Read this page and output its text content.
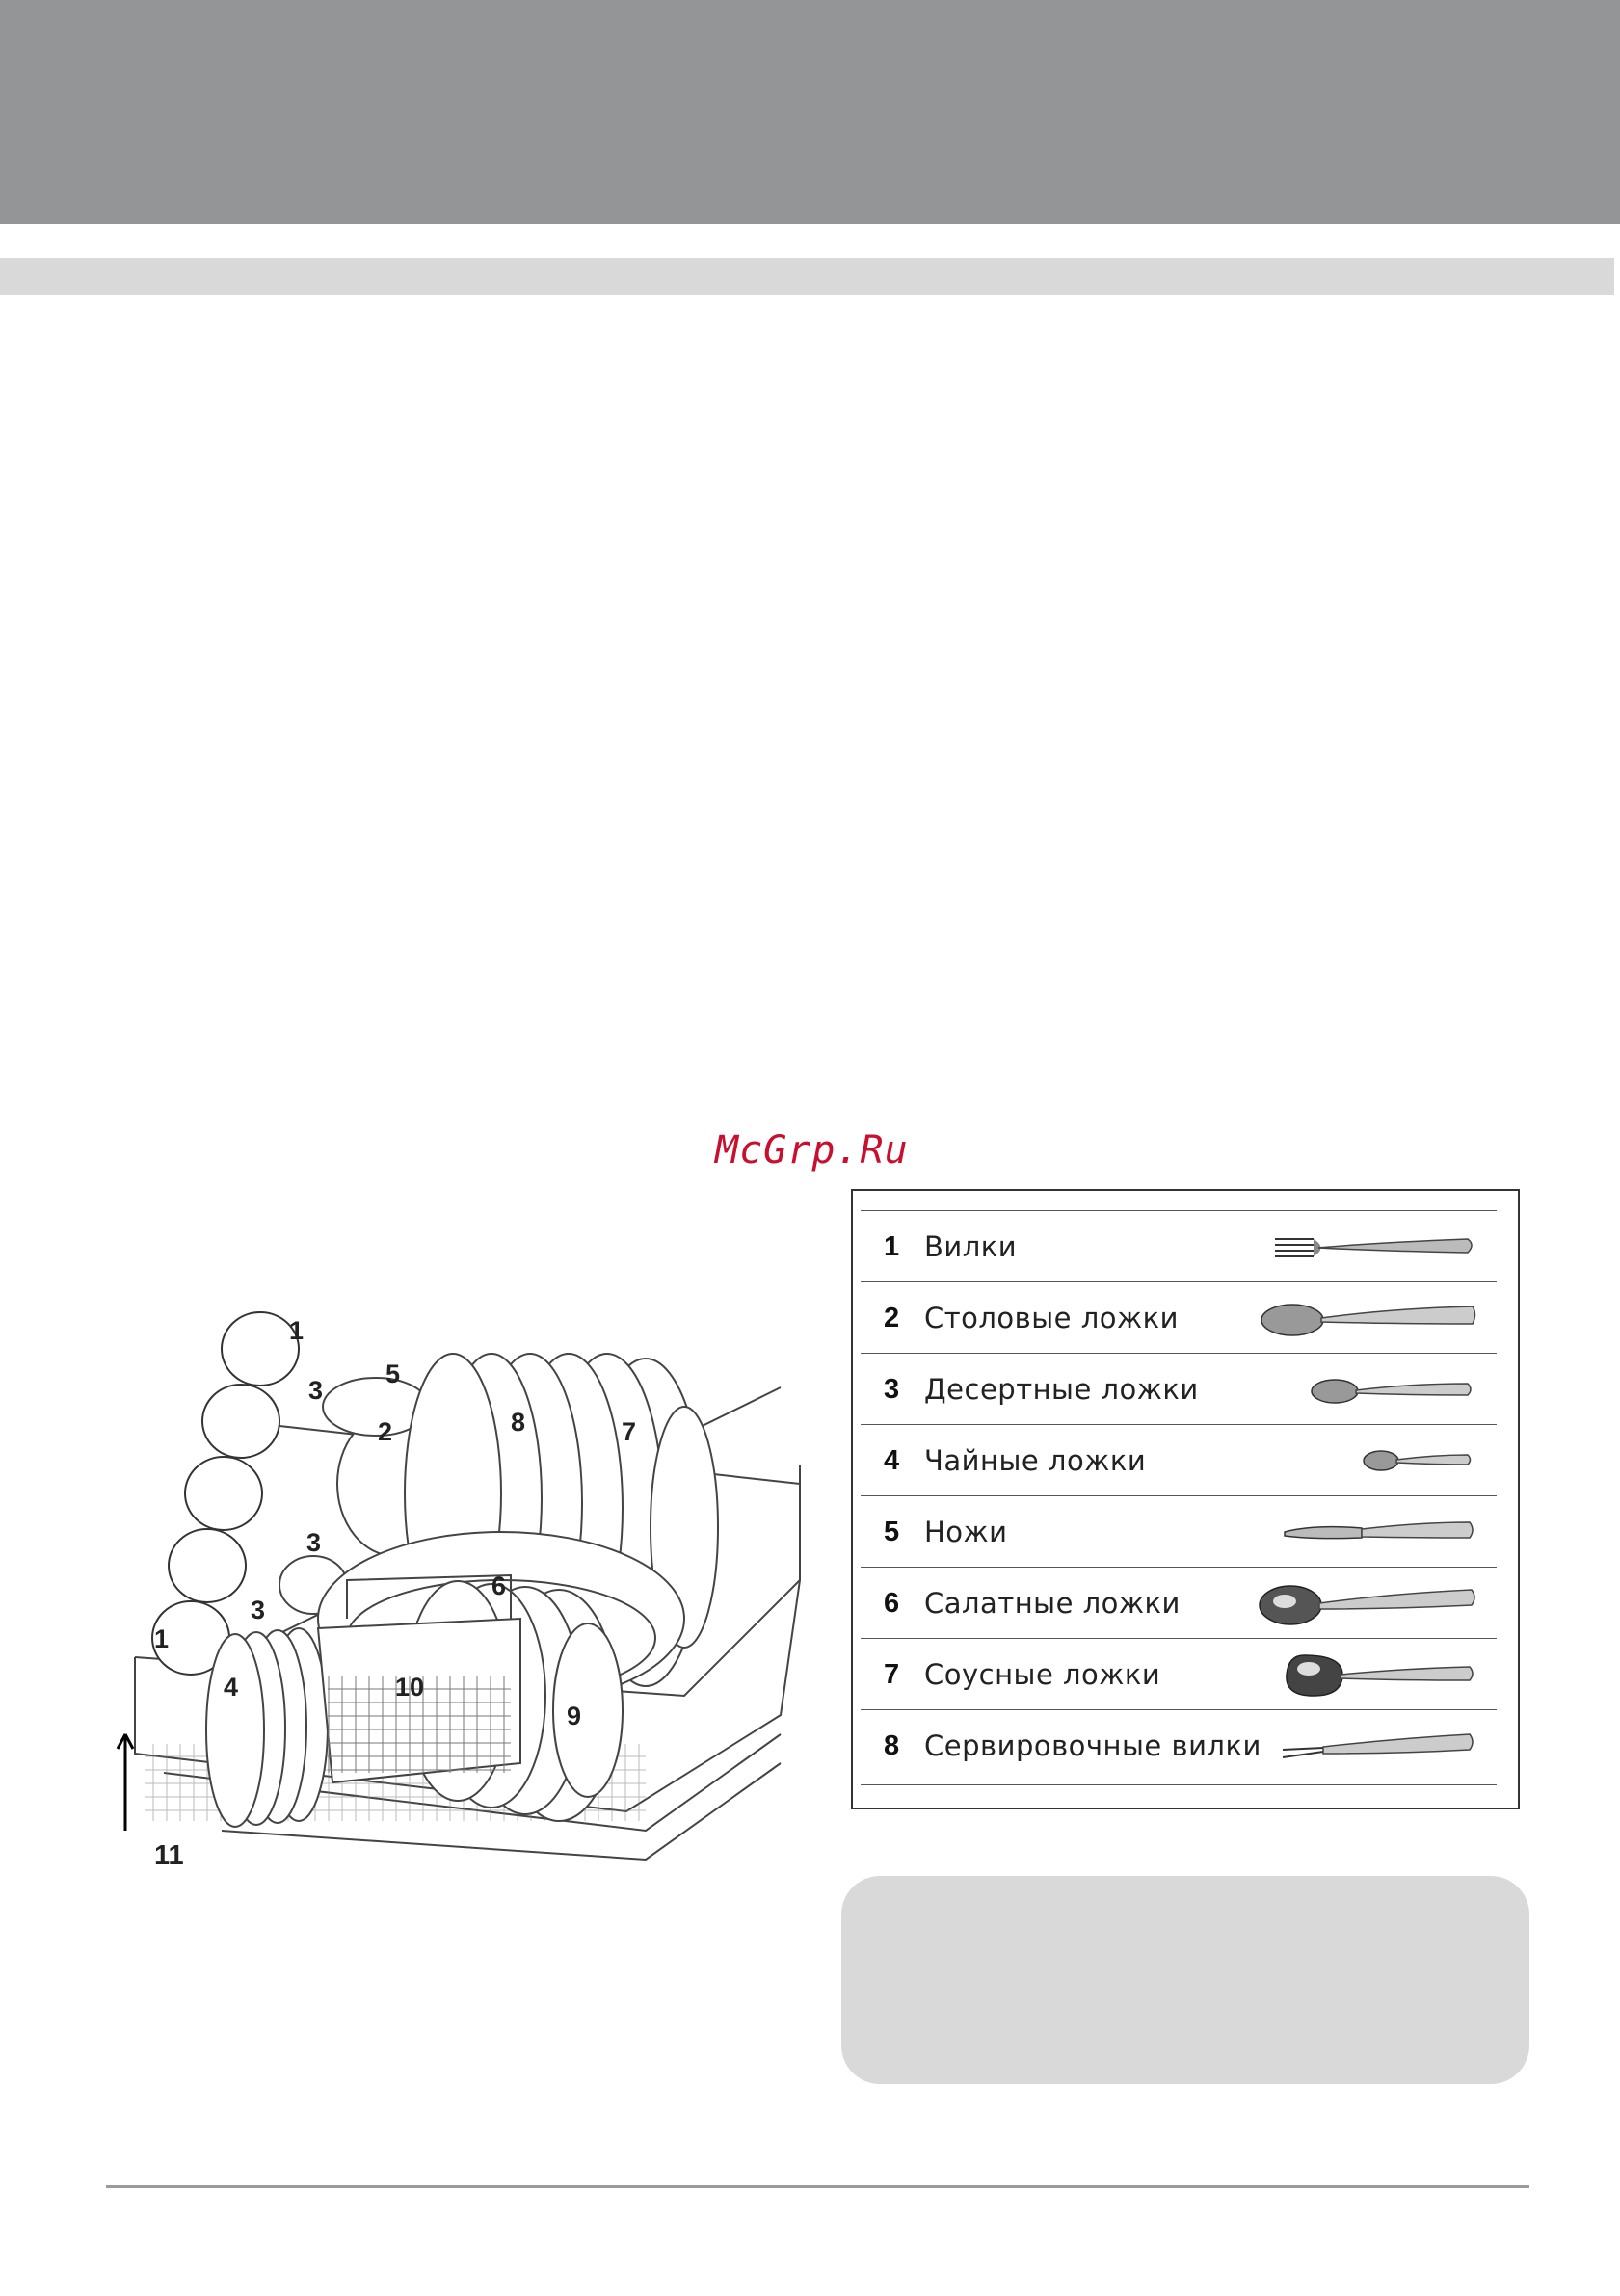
McGrp.Ru
1
3
5
2	8	7
3
6
3
1
4	10
9
11
1 Вилки
2 Столовые ложки
3 Десертные ложки
4 Чайные ложки
5 Ножи
6 Салатные ложки
7 Соусные ложки
8 Сервировочные вилки
